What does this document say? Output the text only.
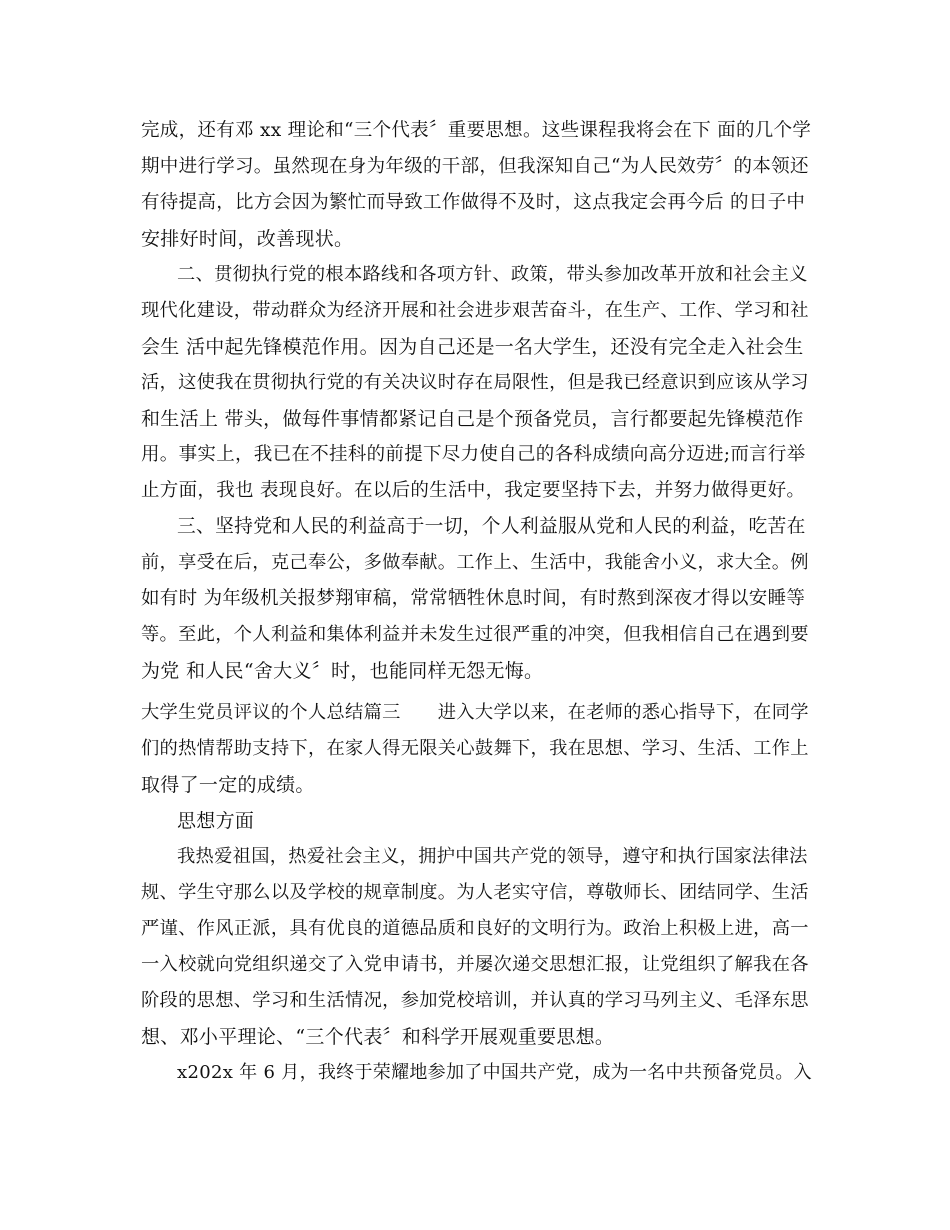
完成，还有邓 xx 理论和“三个代表〞重要思想。这些课程我将会在下 面的几个学

期中进行学习。虽然现在身为年级的干部，但我深知自己“为人民效劳〞的本领还

有待提高，比方会因为繁忙而导致工作做得不及时，这点我定会再今后 的日子中

安排好时间，改善现状。

二、贯彻执行党的根本路线和各项方针、政策，带头参加改革开放和社会主义

现代化建设，带动群众为经济开展和社会进步艰苦奋斗，在生产、工作、学习和社

会生 活中起先锋模范作用。因为自己还是一名大学生，还没有完全走入社会生

活，这使我在贯彻执行党的有关决议时存在局限性，但是我已经意识到应该从学习

和生活上 带头，做每件事情都紧记自己是个预备党员，言行都要起先锋模范作

用。事实上，我已在不挂科的前提下尽力使自己的各科成绩向高分迈进;而言行举

止方面，我也 表现良好。在以后的生活中，我定要坚持下去，并努力做得更好。

三、坚持党和人民的利益高于一切，个人利益服从党和人民的利益，吃苦在

前，享受在后，克己奉公，多做奉献。工作上、生活中，我能舍小义，求大全。例

如有时 为年级机关报梦翔审稿，常常牺牲休息时间，有时熬到深夜才得以安睡等

等。至此，个人利益和集体利益并未发生过很严重的冲突，但我相信自己在遇到要

为党 和人民“舍大义〞时，也能同样无怨无悔。

大学生党员评议的个人总结篇三　　进入大学以来，在老师的悉心指导下，在同学

们的热情帮助支持下，在家人得无限关心鼓舞下，我在思想、学习、生活、工作上

取得了一定的成绩。

思想方面

我热爱祖国，热爱社会主义，拥护中国共产党的领导，遵守和执行国家法律法

规、学生守那么以及学校的规章制度。为人老实守信，尊敬师长、团结同学、生活

严谨、作风正派，具有优良的道德品质和良好的文明行为。政治上积极上进，高一

一入校就向党组织递交了入党申请书，并屡次递交思想汇报，让党组织了解我在各

阶段的思想、学习和生活情况，参加党校培训，并认真的学习马列主义、毛泽东思

想、邓小平理论、“三个代表〞和科学开展观重要思想。

x202x 年 6 月，我终于荣耀地参加了中国共产党，成为一名中共预备党员。入
